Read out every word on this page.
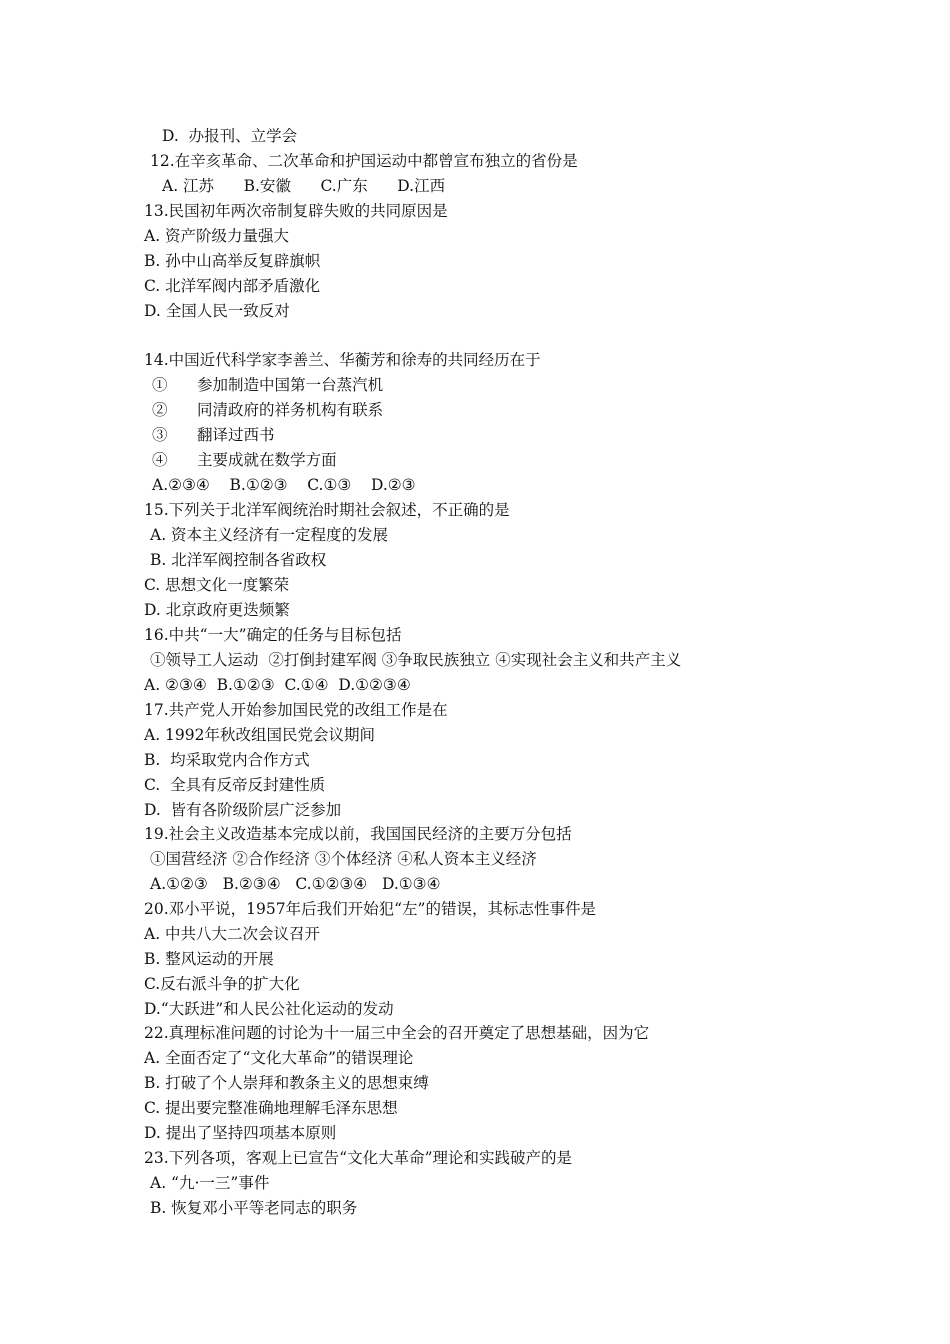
D.  办报刊、立学会
12.在辛亥革命、二次革命和护国运动中都曾宣布独立的省份是
A. 江苏      B.安徽      C.广东      D.江西
13.民国初年两次帝制复辟失败的共同原因是
A. 资产阶级力量强大
B. 孙中山高举反复辟旗帜
C. 北洋军阀内部矛盾激化
D. 全国人民一致反对
14.中国近代科学家李善兰、华蘅芳和徐寿的共同经历在于
①      参加制造中国第一台蒸汽机
②      同清政府的祥务机构有联系
③      翻译过西书
④      主要成就在数学方面
A.②③④    B.①②③    C.①③    D.②③
15.下列关于北洋军阀统治时期社会叙述，不正确的是
A. 资本主义经济有一定程度的发展
B. 北洋军阀控制各省政权
C. 思想文化一度繁荣
D. 北京政府更迭频繁
16.中共“一大”确定的任务与目标包括
①领导工人运动  ②打倒封建军阀 ③争取民族独立 ④实现社会主义和共产主义
A. ②③④  B.①②③  C.①④  D.①②③④
17.共产党人开始参加国民党的改组工作是在
A. 1992年秋改组国民党会议期间
B.  均采取党内合作方式
C.  全具有反帝反封建性质
D.  皆有各阶级阶层广泛参加
19.社会主义改造基本完成以前，我国国民经济的主要万分包括
①国营经济 ②合作经济 ③个体经济 ④私人资本主义经济
A.①②③   B.②③④   C.①②③④   D.①③④
20.邓小平说，1957年后我们开始犯“左”的错误，其标志性事件是
A. 中共八大二次会议召开
B. 整风运动的开展
C.反右派斗争的扩大化
D.“大跃进”和人民公社化运动的发动
22.真理标准问题的讨论为十一届三中全会的召开奠定了思想基础，因为它
A. 全面否定了“文化大革命”的错误理论
B. 打破了个人崇拜和教条主义的思想束缚
C. 提出要完整准确地理解毛泽东思想
D. 提出了坚持四项基本原则
23.下列各项，客观上已宣告“文化大革命”理论和实践破产的是
A. “九·一三”事件
B. 恢复邓小平等老同志的职务
